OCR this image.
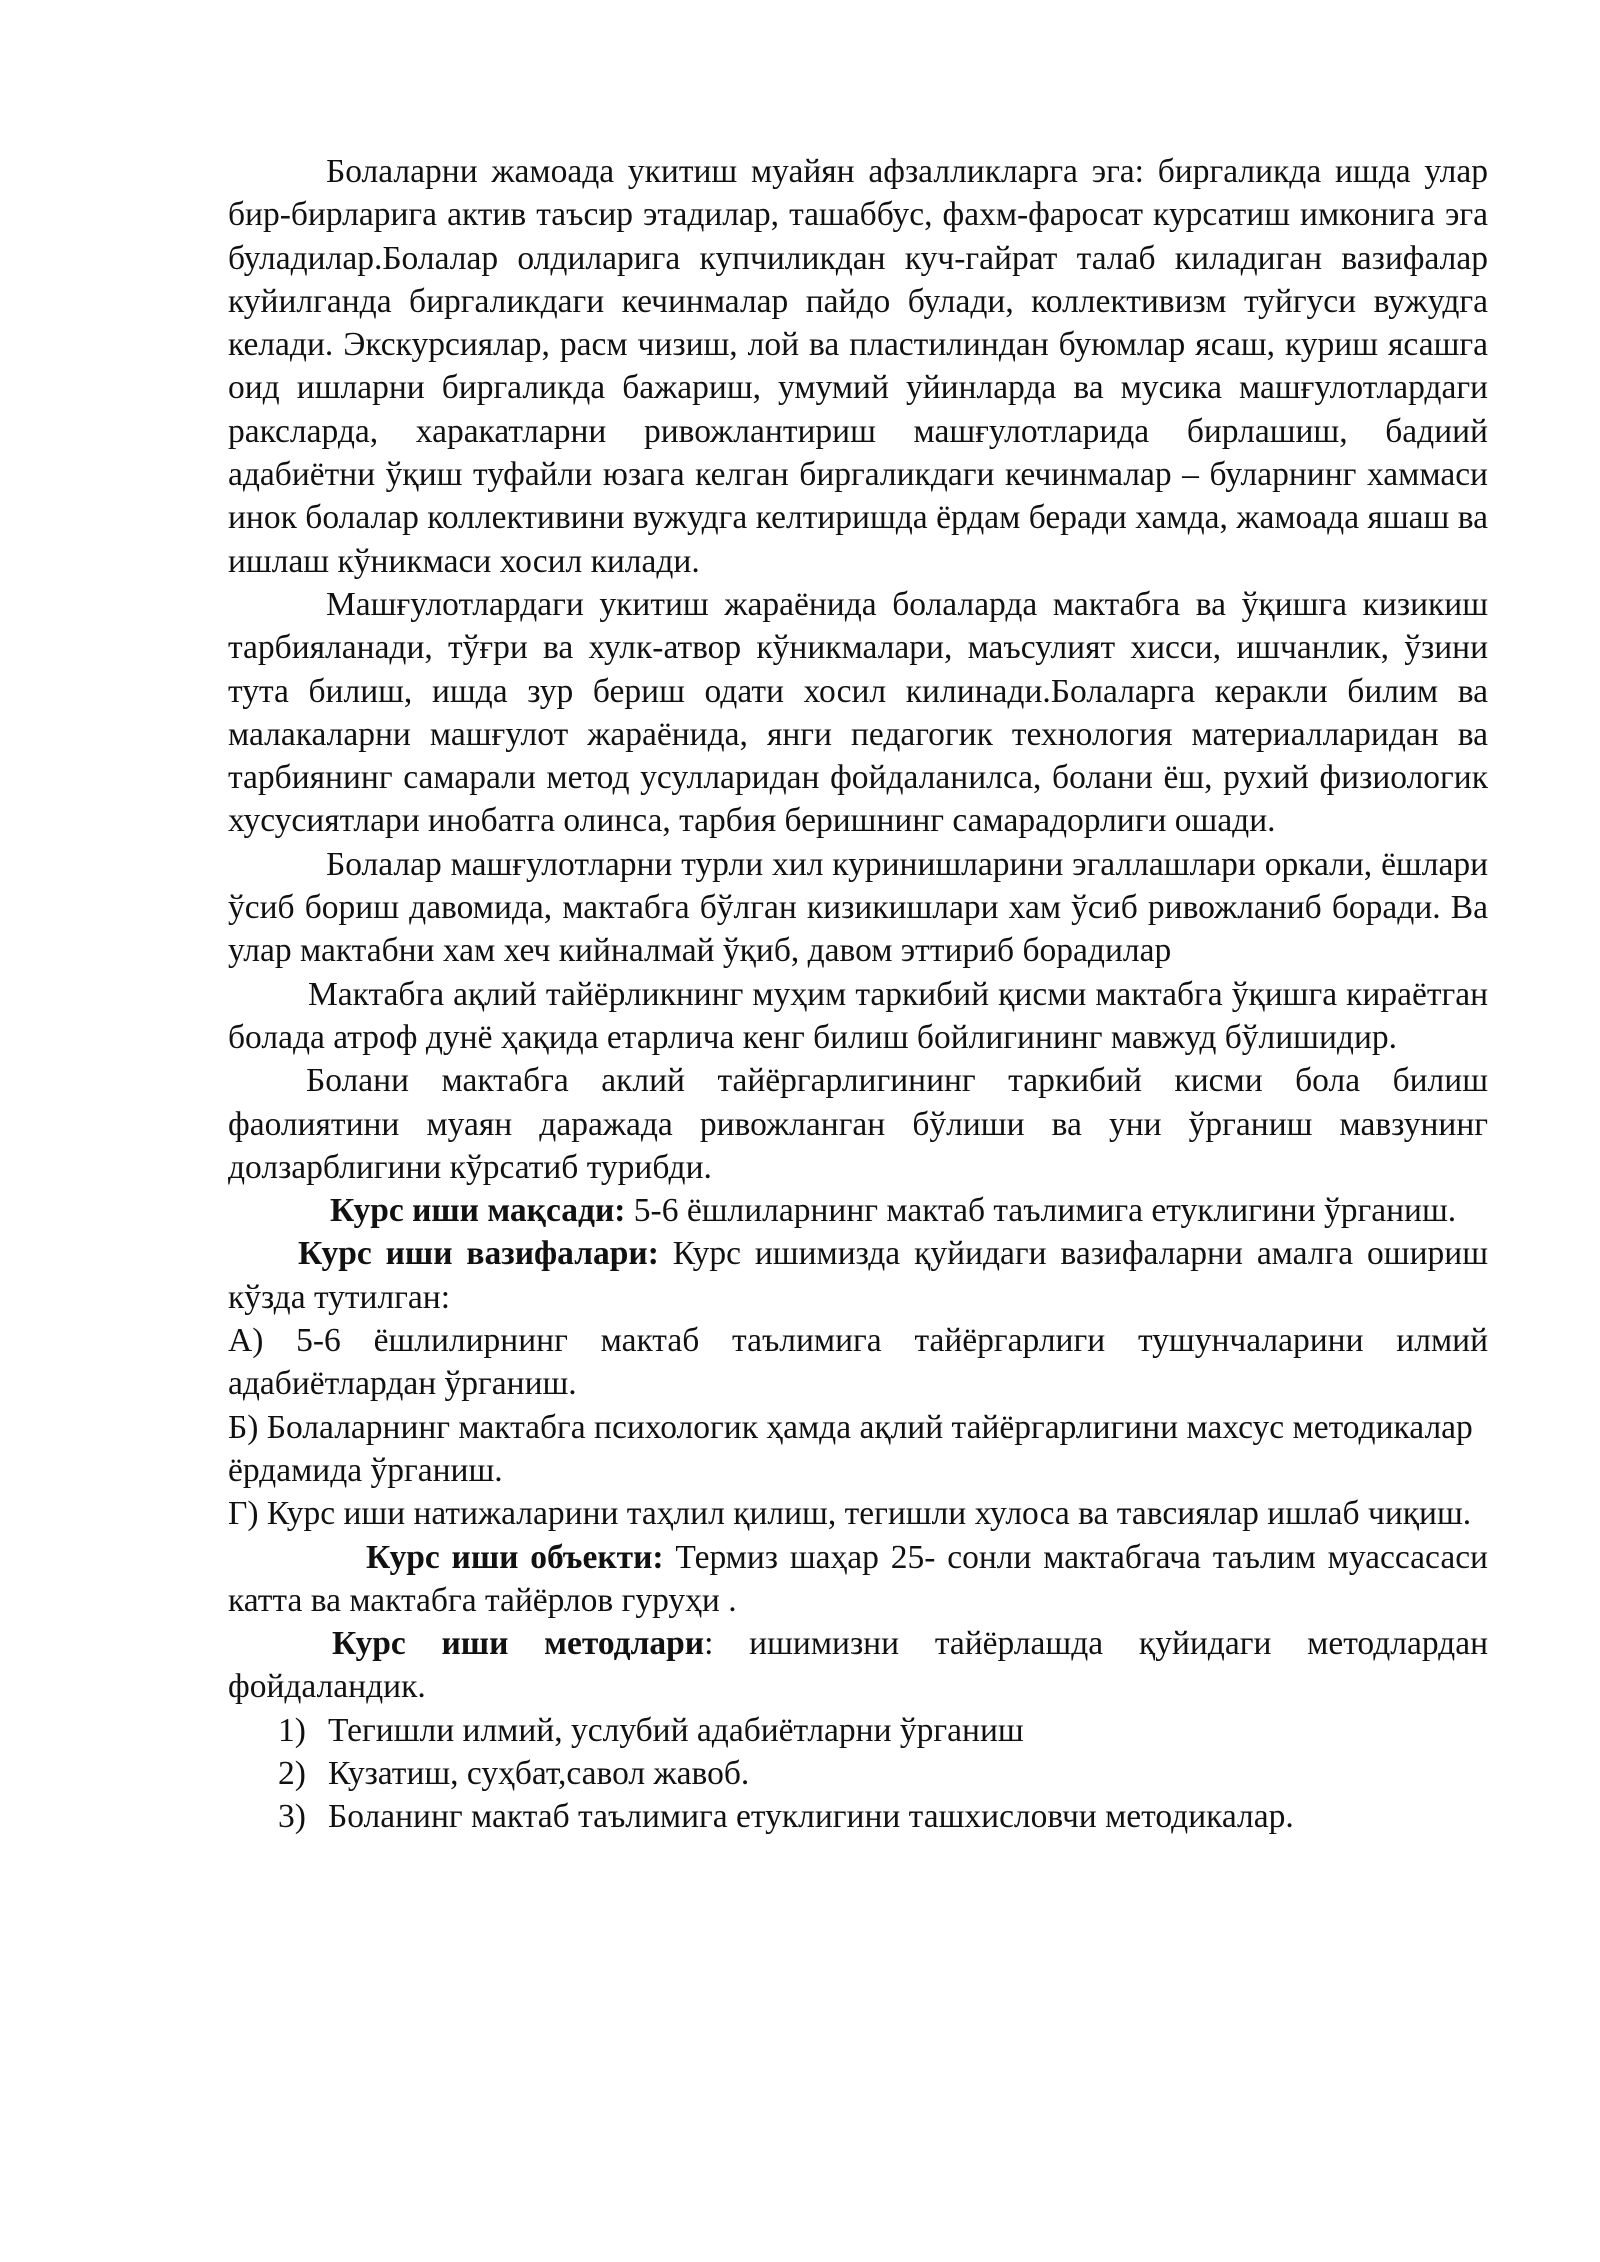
Болаларни жамоада укитиш муайян афзалликларга эга: биргаликда ишда улар бир-бирларига актив таъсир этадилар, ташаббус, фахм-фаросат курсатиш имконига эга буладилар.Болалар олдиларига купчиликдан куч-гайрат талаб киладиган вазифалар куйилганда биргаликдаги кечинмалар пайдо булади, коллективизм туйгуси вужудга келади. Экскурсиялар, расм чизиш, лой ва пластилиндан буюмлар ясаш, куриш ясашга оид ишларни биргаликда бажариш, умумий уйинларда ва мусика машғулотлардаги раксларда, харакатларни ривожлантириш машғулотларида бирлашиш, бадиий адабиётни ўқиш туфайли юзага келган биргаликдаги кечинмалар – буларнинг хаммаси инок болалар коллективини вужудга келтиришда ёрдам беради хамда, жамоада яшаш ва ишлаш кўникмаси хосил килади.

Машғулотлардаги укитиш жараёнида болаларда мактабга ва ўқишга кизикиш тарбияланади, тўғри ва хулк-атвор кўникмалари, маъсулият хисси, ишчанлик, ўзини тута билиш, ишда зур бериш одати хосил килинади.Болаларга керакли билим ва малакаларни машғулот жараёнида, янги педагогик технология материалларидан ва тарбиянинг самарали метод усулларидан фойдаланилса, болани ёш, рухий физиологик хусусиятлари инобатга олинса, тарбия беришнинг самарадорлиги ошади.

Болалар машғулотларни турли хил куринишларини эгаллашлари оркали, ёшлари ўсиб бориш давомида, мактабга бўлган кизикишлари хам ўсиб ривожланиб боради. Ва улар мактабни хам хеч кийналмай ўқиб, давом эттириб борадилар

Мактабга ақлий тайёрликнинг муҳим таркибий қисми мактабга ўқишга кираётган болада атроф дунё ҳақида етарлича кенг билиш бойлигининг мавжуд бўлишидир.

Болани мактабга аклий тайёргарлигининг таркибий кисми бола билиш фаолиятини муаян даражада ривожланган бўлиши ва уни ўрганиш мавзунинг долзарблигини кўрсатиб турибди.

Курс иши мақсади: 5-6 ёшлиларнинг мактаб таълимига етуклигини ўрганиш.

Курс иши вазифалари: Курс ишимизда қуйидаги вазифаларни амалга ошириш кўзда тутилган:

А) 5-6 ёшлилирнинг мактаб таълимига тайёргарлиги тушунчаларини илмий адабиётлардан ўрганиш.

Б) Болаларнинг мактабга психологик ҳамда ақлий тайёргарлигини махсус методикалар ёрдамида ўрганиш.

Г) Курс иши натижаларини таҳлил қилиш, тегишли хулоса ва тавсиялар ишлаб чиқиш.

Курс иши объекти: Термиз шаҳар 25- сонли мактабгача таълим муассасаси катта ва мактабга тайёрлов гуруҳи .

Курс иши методлари: ишимизни тайёрлашда қуйидаги методлардан фойдаландик.

1) Тегишли илмий, услубий адабиётларни ўрганиш
2) Кузатиш, суҳбат,савол жавоб.
3) Боланинг мактаб таълимига етуклигини ташхисловчи методикалар.
